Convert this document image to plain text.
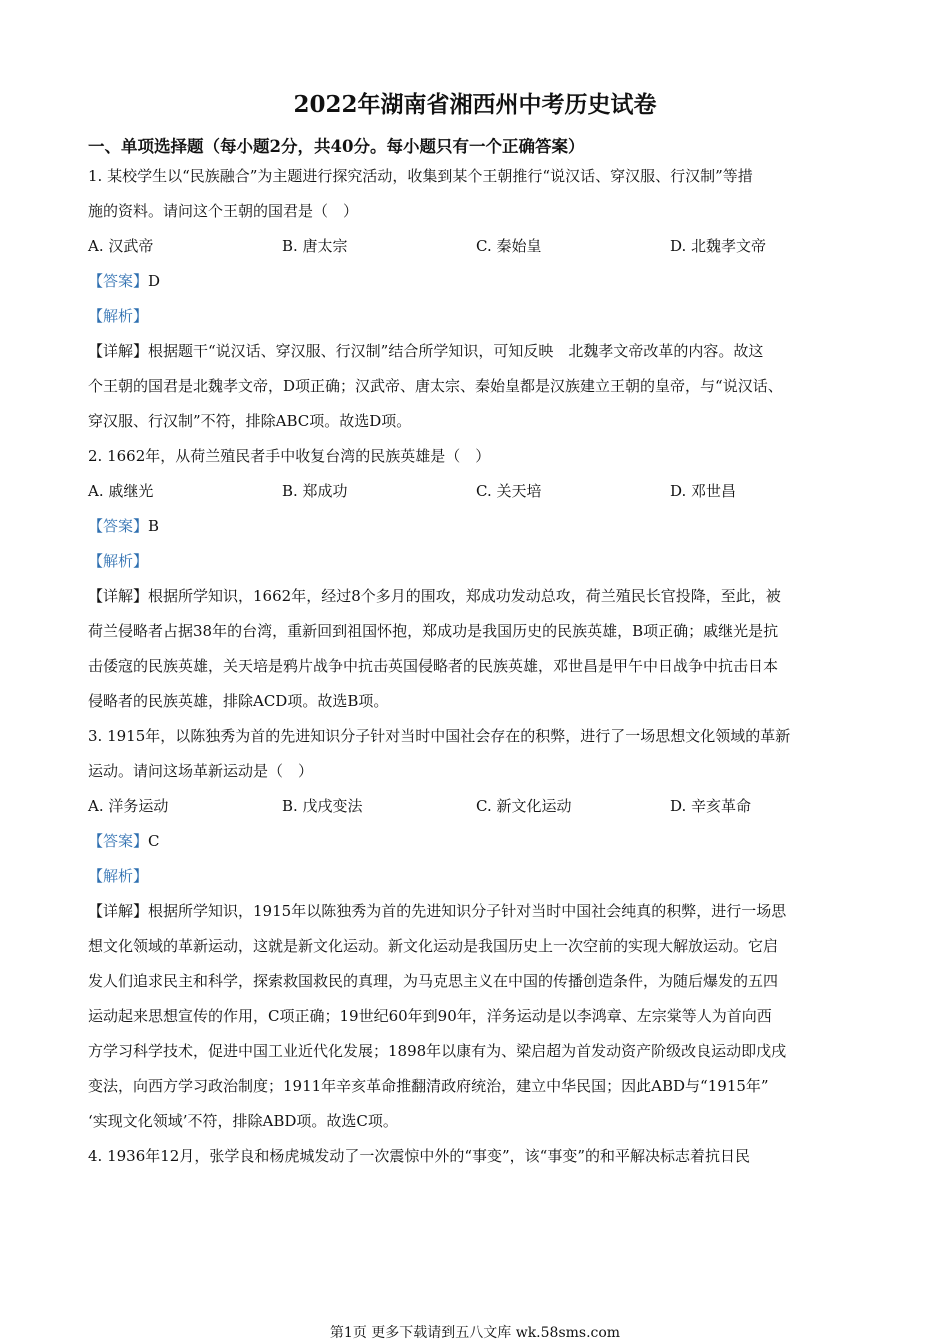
2022年湖南省湘西州中考历史试卷
一、单项选择题（每小题2分，共40分。每小题只有一个正确答案）
1. 某校学生以“民族融合”为主题进行探究活动，收集到某个王朝推行“说汉话、穿汉服、行汉制”等措
施的资料。请问这个王朝的国君是（　）
A. 汉武帝	B. 唐太宗	C. 秦始皇	D. 北魏孝文帝
【答案】D
【解析】
【详解】根据题干“说汉话、穿汉服、行汉制”结合所学知识，可知反映　北魏孝文帝改革的内容。故这
个王朝的国君是北魏孝文帝，D项正确；汉武帝、唐太宗、秦始皇都是汉族建立王朝的皇帝，与“说汉话、
穿汉服、行汉制”不符，排除ABC项。故选D项。
2. 1662年，从荷兰殖民者手中收复台湾的民族英雄是（　）
A. 戚继光	B. 郑成功	C. 关天培	D. 邓世昌
【答案】B
【解析】
【详解】根据所学知识，1662年，经过8个多月的围攻，郑成功发动总攻，荷兰殖民长官投降，至此，被
荷兰侵略者占据38年的台湾，重新回到祖国怀抱，郑成功是我国历史的民族英雄，B项正确；戚继光是抗
击倭寇的民族英雄，关天培是鸦片战争中抗击英国侵略者的民族英雄，邓世昌是甲午中日战争中抗击日本
侵略者的民族英雄，排除ACD项。故选B项。
3. 1915年，以陈独秀为首的先进知识分子针对当时中国社会存在的积弊，进行了一场思想文化领域的革新
运动。请问这场革新运动是（　）
A. 洋务运动	B. 戊戌变法	C. 新文化运动	D. 辛亥革命
【答案】C
【解析】
【详解】根据所学知识，1915年以陈独秀为首的先进知识分子针对当时中国社会纯真的积弊，进行一场思
想文化领域的革新运动，这就是新文化运动。新文化运动是我国历史上一次空前的实现大解放运动。它启
发人们追求民主和科学，探索救国救民的真理，为马克思主义在中国的传播创造条件，为随后爆发的五四
运动起来思想宣传的作用，C项正确；19世纪60年到90年，洋务运动是以李鸿章、左宗棠等人为首向西
方学习科学技术，促进中国工业近代化发展；1898年以康有为、梁启超为首发动资产阶级改良运动即戊戌
变法，向西方学习政治制度；1911年辛亥革命推翻清政府统治，建立中华民国；因此ABD与“1915年”
‘实现文化领域’不符，排除ABD项。故选C项。
4. 1936年12月，张学良和杨虎城发动了一次震惊中外的“事变”，该“事变”的和平解决标志着抗日民
第1页 更多下载请到五八文库 wk.58sms.com
